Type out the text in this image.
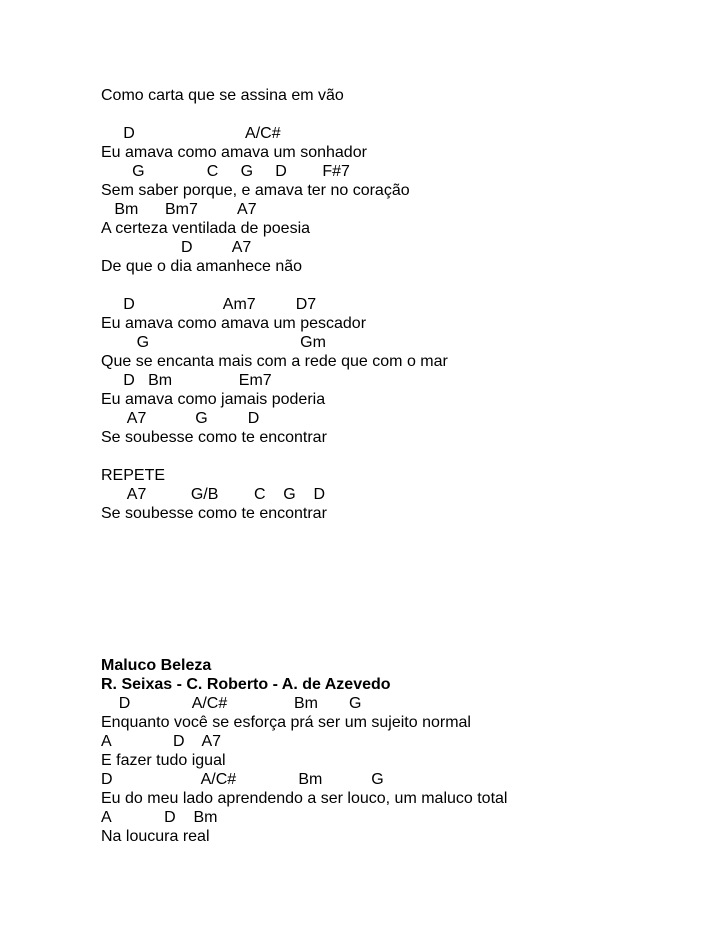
Como carta que se assina em vão
D                         A/C#
Eu amava como amava um sonhador
G              C     G     D        F#7
Sem saber porque, e amava ter no coração
Bm      Bm7         A7
A certeza ventilada de poesia
D         A7
De que o dia amanhece não
D                    Am7         D7
Eu amava como amava um pescador
G                                  Gm
Que se encanta mais com a rede que com o mar
D   Bm               Em7
Eu amava como jamais poderia
A7           G         D
Se soubesse como te encontrar
REPETE
A7          G/B        C    G    D
Se soubesse como te encontrar
Maluco Beleza
R. Seixas - C. Roberto - A. de Azevedo
D              A/C#               Bm       G
Enquanto você se esforça prá ser um sujeito normal
A              D    A7
E fazer tudo igual
D                    A/C#              Bm           G
Eu do meu lado aprendendo a ser louco, um maluco total
A            D    Bm
Na loucura real
